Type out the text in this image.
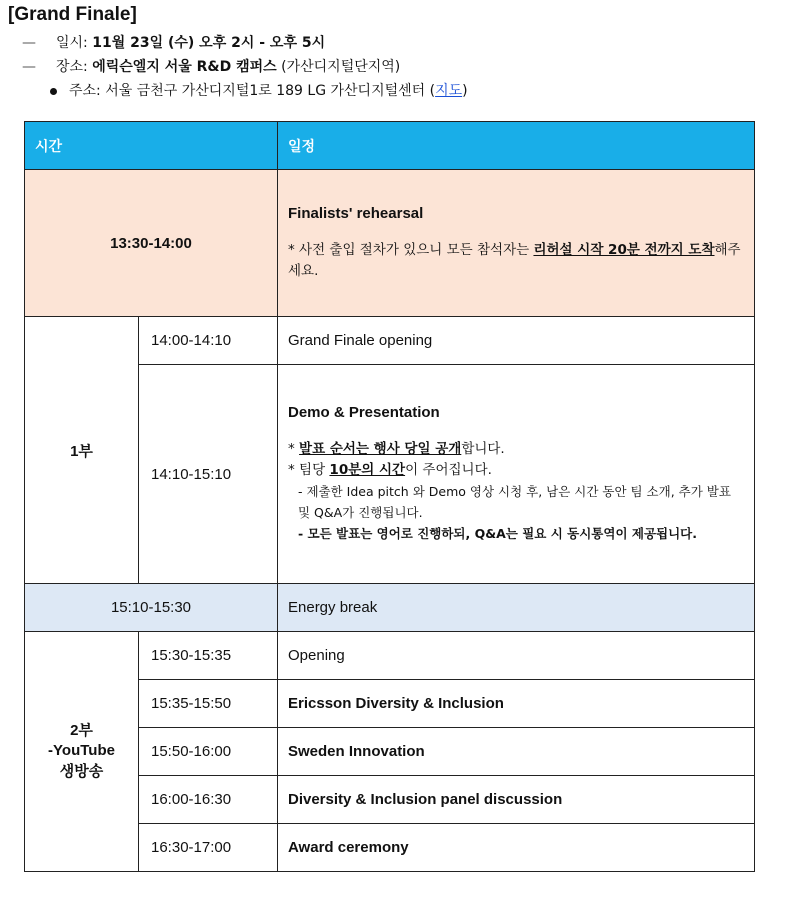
[Grand Finale]
— 일시: 11월 23일 (수) 오후 2시 - 오후 5시
— 장소: 에릭슨엘지 서울 R&D 캠퍼스 (가산디지털단지역)
주소: 서울 금천구 가산디지털1로 189 LG 가산디지털센터 (지도)
시간		일정
13:30-14:00		Finalists' rehearsal
* 사전 출입 절차가 있으니 모든 참석자는 리허설 시작 20분 전까지 도착해주세요.

1부	14:00-14:10	Grand Finale opening
	14:10-15:10	Demo & Presentation
* 발표 순서는 행사 당일 공개합니다.
* 팀당 10분의 시간이 주어집니다.
- 제출한 Idea pitch 와 Demo 영상 시청 후, 남은 시간 동안 팀 소개, 추가 발표 및 Q&A가 진행됩니다.
- 모든 발표는 영어로 진행하되, Q&A는 필요 시 동시통역이 제공됩니다.

15:10-15:30		Energy break

2부
-YouTube
생방송	15:30-15:35	Opening
	15:35-15:50	Ericsson Diversity & Inclusion
	15:50-16:00	Sweden Innovation
	16:00-16:30	Diversity & Inclusion panel discussion
	16:30-17:00	Award ceremony
